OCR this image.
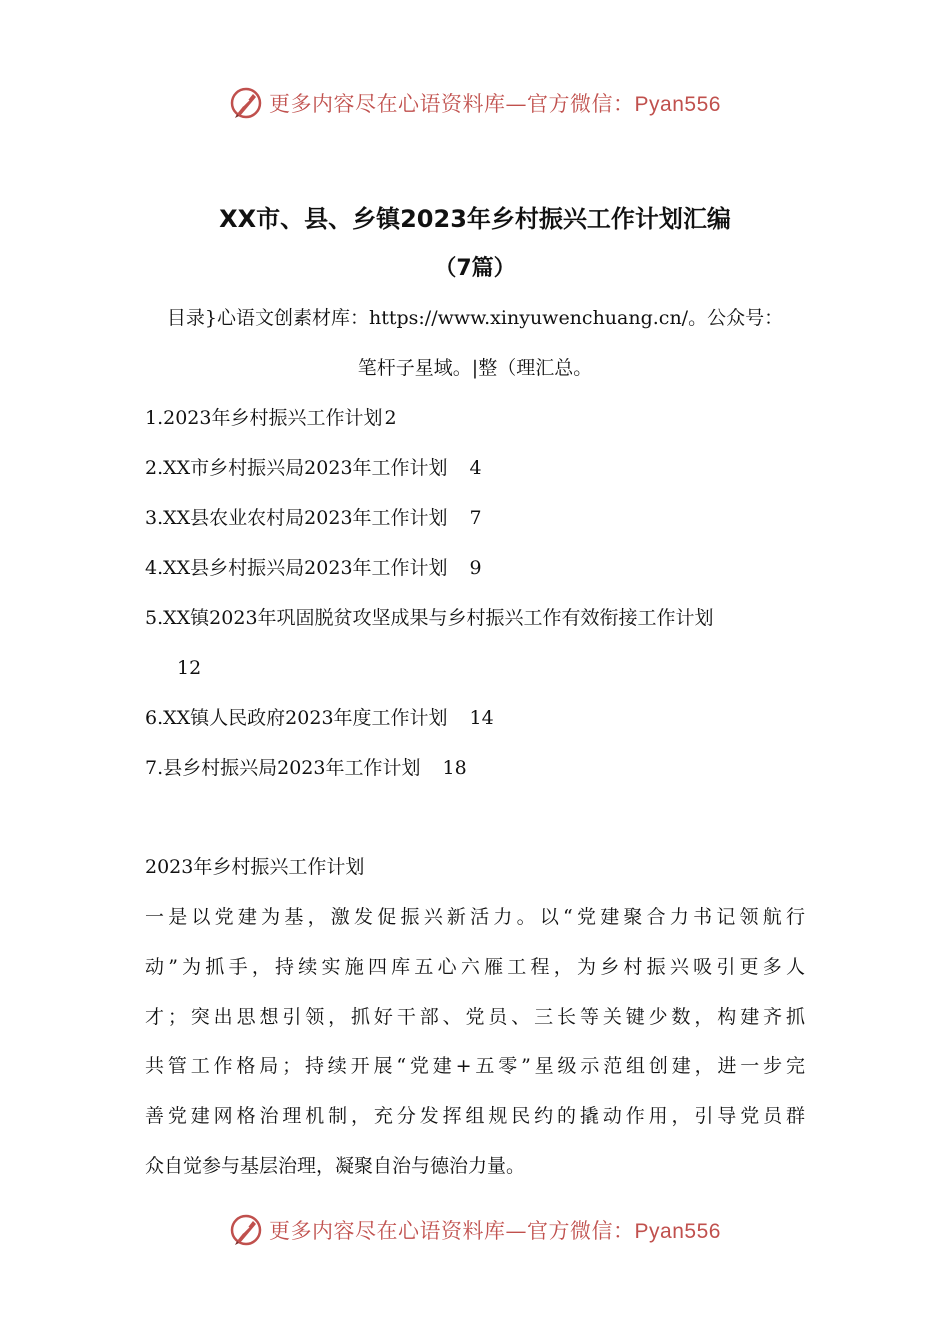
更多内容尽在心语资料库—官方微信：Pyan556
XX市、县、乡镇2023年乡村振兴工作计划汇编
（7篇）
目录}心语文创素材库：https://www.xinyuwenchuang.cn/。公众号：
笔杆子星域。|整（理汇总。
1.2023年乡村振兴工作计划 2
2.XX市乡村振兴局2023年工作计划 4
3.XX县农业农村局2023年工作计划 7
4.XX县乡村振兴局2023年工作计划 9
5.XX镇2023年巩固脱贫攻坚成果与乡村振兴工作有效衔接工作计划
12
6.XX镇人民政府2023年度工作计划 14
7.县乡村振兴局2023年工作计划 18
2023年乡村振兴工作计划
一是以党建为基，激发促振兴新活力。以“党建聚合力书记领航行
动”为抓手，持续实施四库五心六雁工程，为乡村振兴吸引更多人
才；突出思想引领，抓好干部、党员、三长等关键少数，构建齐抓
共管工作格局；持续开展“党建+五零”星级示范组创建，进一步完
善党建网格治理机制，充分发挥组规民约的撬动作用，引导党员群
众自觉参与基层治理，凝聚自治与德治力量。
更多内容尽在心语资料库—官方微信：Pyan556
